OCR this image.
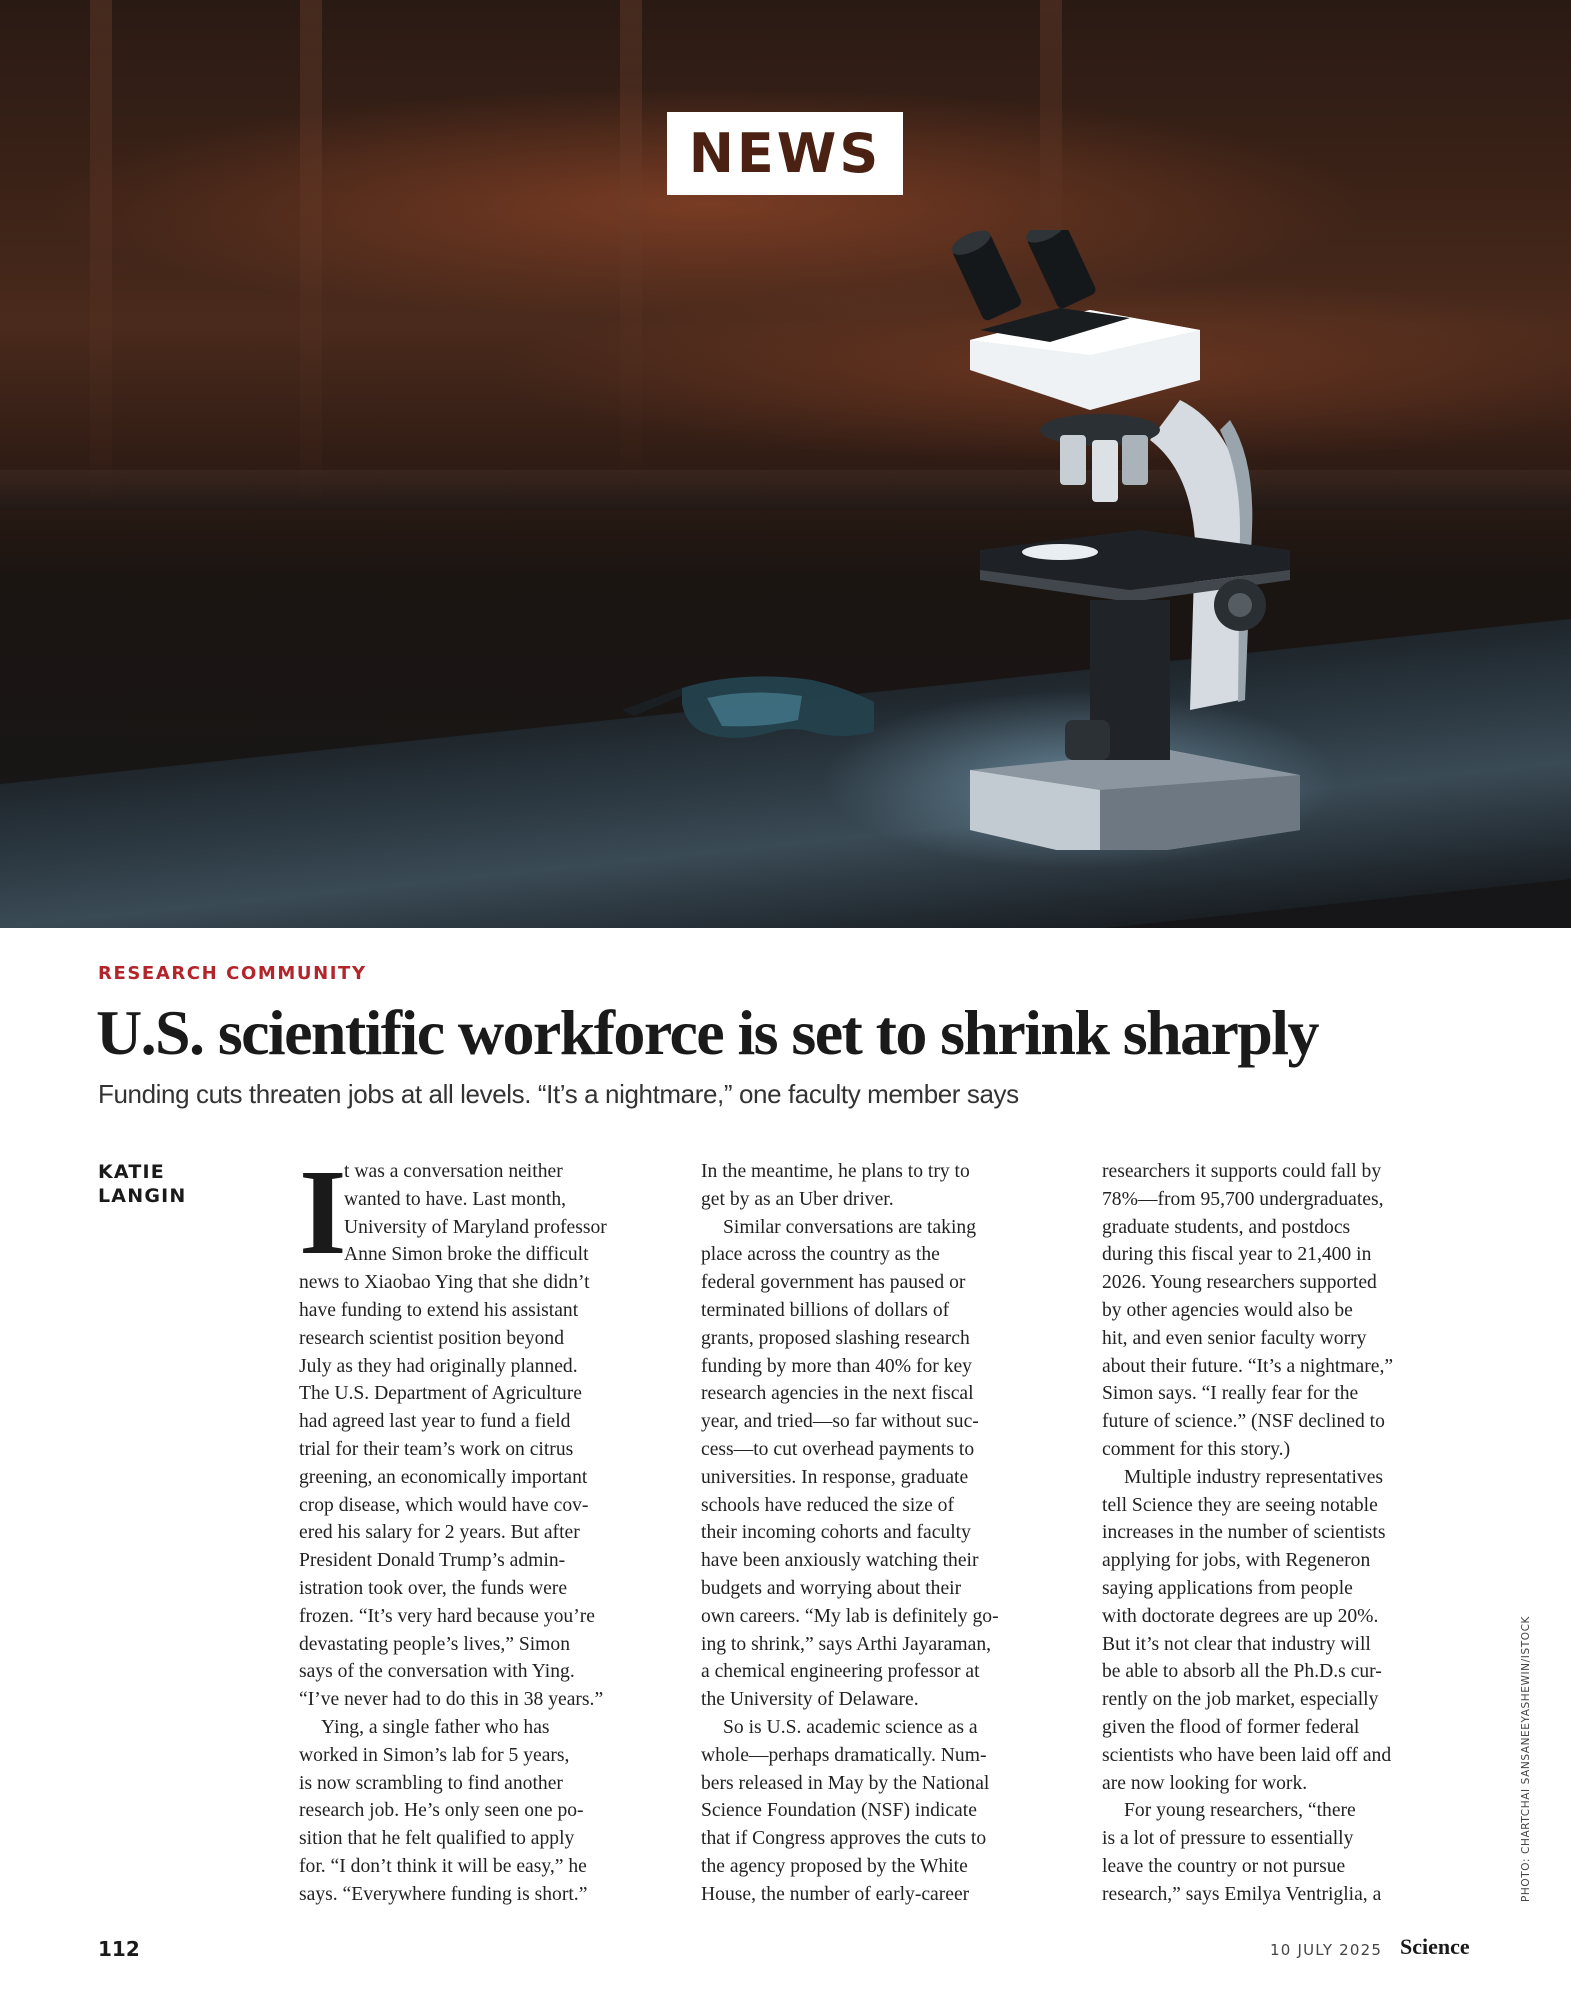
NEWS
RESEARCH COMMUNITY
U.S. scientific workforce is set to shrink sharply

Funding cuts threaten jobs at all levels. “It’s a nightmare,” one faculty member says

KATIE
LANGIN I
t was a conversation neither
wanted to have. Last month,
University of Maryland professor
Anne Simon broke the difficult
news to Xiaobao Ying that she didn’t
have funding to extend his assistant
research scientist position beyond
July as they had originally planned.
The U.S. Department of Agriculture
had agreed last year to fund a field
trial for their team’s work on citrus
greening, an economically important
crop disease, which would have cov-
ered his salary for 2 years. But after
President Donald Trump’s admin-
istration took over, the funds were
frozen. “It’s very hard because you’re
devastating people’s lives,” Simon
says of the conversation with Ying.
“I’ve never had to do this in 38 years.”
Ying, a single father who has
worked in Simon’s lab for 5 years,
is now scrambling to find another
research job. He’s only seen one po-
sition that he felt qualified to apply
for. “I don’t think it will be easy,” he
says. “Everywhere funding is short.”
In the meantime, he plans to try to
get by as an Uber driver.
Similar conversations are taking
place across the country as the
federal government has paused or
terminated billions of dollars of
grants, proposed slashing research
funding by more than 40% for key
research agencies in the next fiscal
year, and tried—so far without suc-
cess—to cut overhead payments to
universities. In response, graduate
schools have reduced the size of
their incoming cohorts and faculty
have been anxiously watching their
budgets and worrying about their
own careers. “My lab is definitely go-
ing to shrink,” says Arthi Jayaraman,
a chemical engineering professor at
the University of Delaware.
So is U.S. academic science as a
whole—perhaps dramatically. Num-
bers released in May by the National
Science Foundation (NSF) indicate
that if Congress approves the cuts to
the agency proposed by the White
House, the number of early-career
researchers it supports could fall by
78%—from 95,700 undergraduates,
graduate students, and postdocs
during this fiscal year to 21,400 in
2026. Young researchers supported
by other agencies would also be
hit, and even senior faculty worry
about their future. “It’s a nightmare,”
Simon says. “I really fear for the
future of science.” (NSF declined to
comment for this story.)
Multiple industry representatives
tell Science they are seeing notable
increases in the number of scientists
applying for jobs, with Regeneron
saying applications from people
with doctorate degrees are up 20%.
But it’s not clear that industry will
be able to absorb all the Ph.D.s cur-
rently on the job market, especially
given the flood of former federal
scientists who have been laid off and
are now looking for work.
For young researchers, “there
is a lot of pressure to essentially
leave the country or not pursue
research,” says Emilya Ventriglia, a
112	10 JULY 2025 Science
PHOTO: CHARTCHAI SANSANEEYASHEWIN/ISTOCK
